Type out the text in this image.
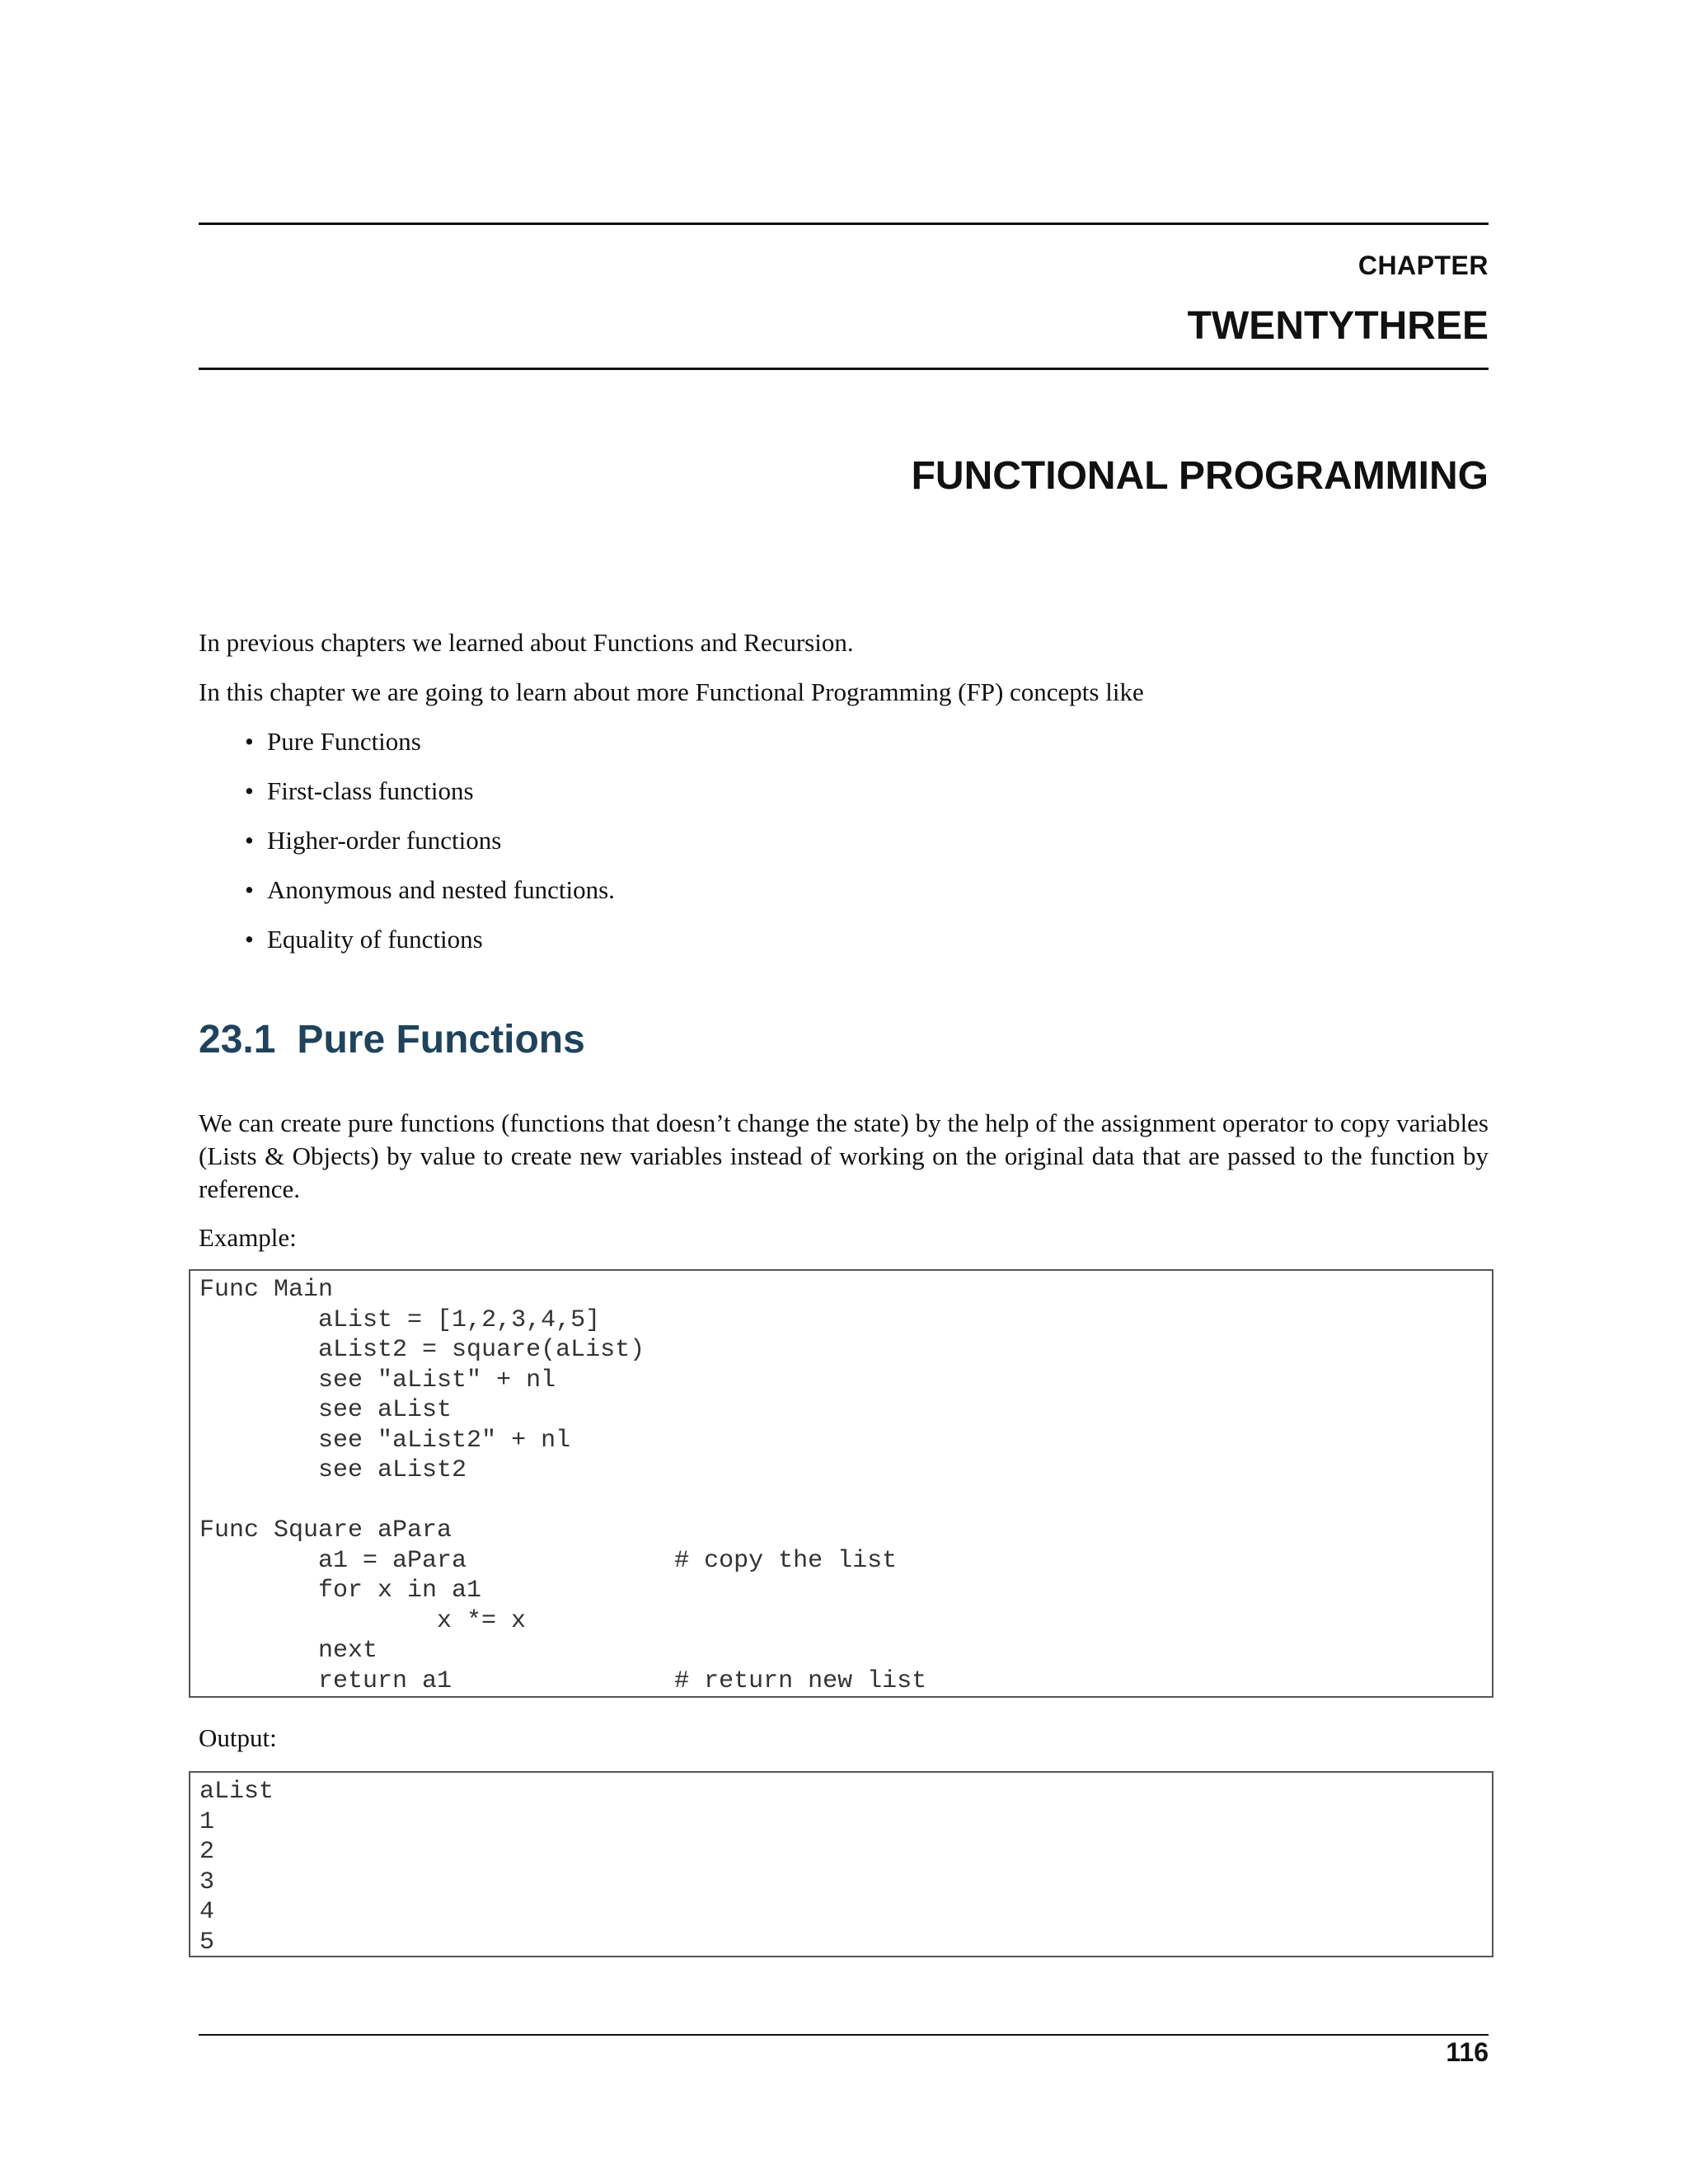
CHAPTER
TWENTYTHREE
FUNCTIONAL PROGRAMMING
In previous chapters we learned about Functions and Recursion.
In this chapter we are going to learn about more Functional Programming (FP) concepts like
• Pure Functions
• First-class functions
• Higher-order functions
• Anonymous and nested functions.
• Equality of functions
23.1 Pure Functions
We can create pure functions (functions that doesn’t change the state) by the help of the assignment operator to copy variables (Lists & Objects) by value to create new variables instead of working on the original data that are passed to the function by reference.
Example:
Func Main
	aList = [1,2,3,4,5]
	aList2 = square(aList)
	see "aList" + nl
	see aList
	see "aList2" + nl
	see aList2

Func Square aPara
	a1 = aPara		# copy the list
	for x in a1
		x *= x
	next
	return a1		# return new list
Output:
aList
1
2
3
4
5
116
